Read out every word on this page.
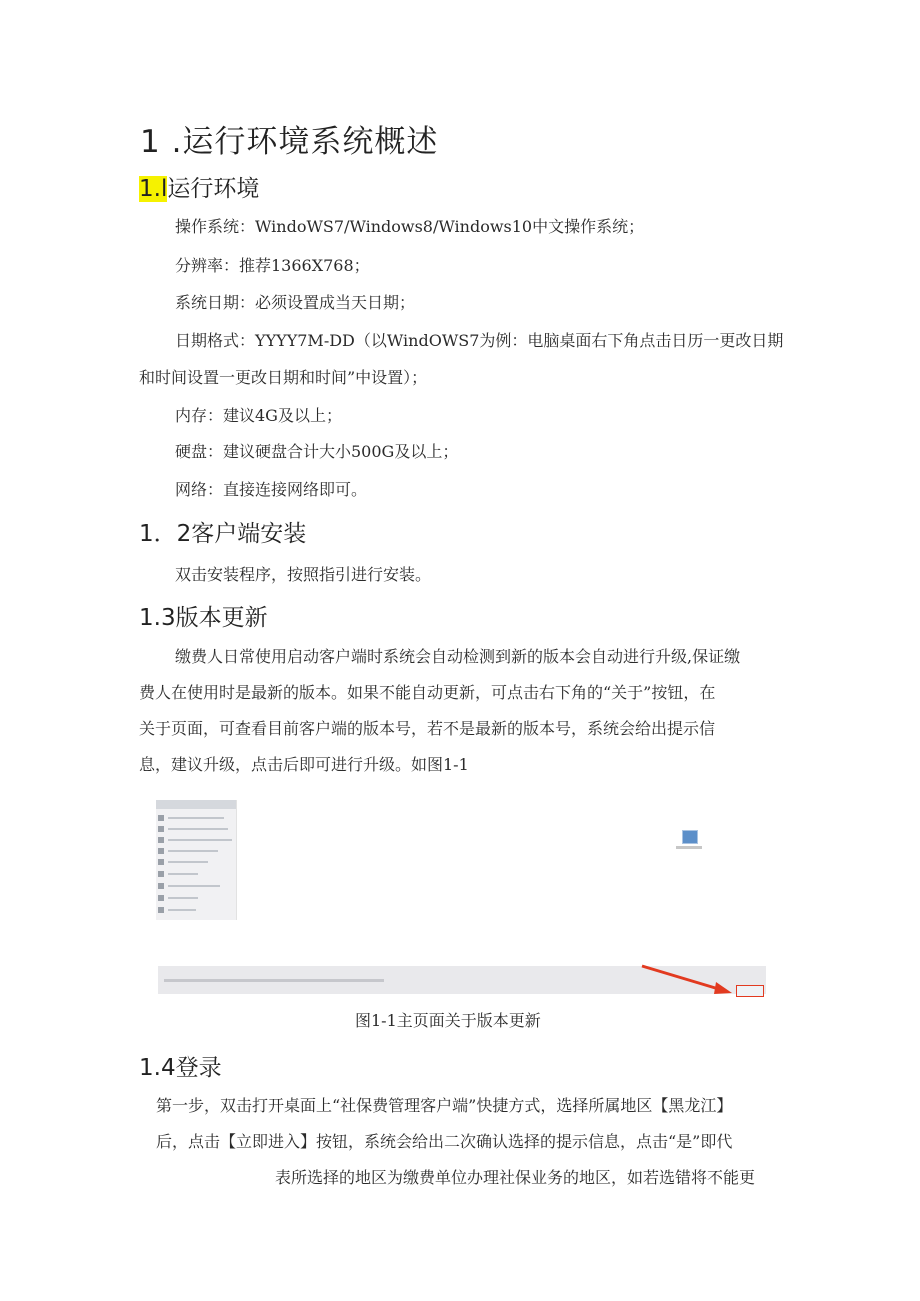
1 .运行环境系统概述
1.l运行环境
操作系统：WindoWS7/Windows8/Windows10中文操作系统；
分辨率：推荐1366X768；
系统日期：必须设置成当天日期；
日期格式：YYYY7M-DD（以WindOWS7为例：电脑桌面右下角点击日历一更改日期
和时间设置一更改日期和时间”中设置）；
内存：建议4G及以上；
硬盘：建议硬盘合计大小500G及以上；
网络：直接连接网络即可。
1．2客户端安装
双击安装程序，按照指引进行安装。
1.3版本更新
缴费人日常使用启动客户端时系统会自动检测到新的版本会自动进行升级,保证缴
费人在使用时是最新的版本。如果不能自动更新，可点击右下角的“关于”按钮，在
关于页面，可查看目前客户端的版本号，若不是最新的版本号，系统会给出提示信
息，建议升级，点击后即可进行升级。如图1-1
图1-1主页面关于版本更新
1.4登录
第一步，双击打开桌面上“社保费管理客户端”快捷方式，选择所属地区【黑龙江】
后，点击【立即进入】按钮，系统会给出二次确认选择的提示信息，点击“是”即代
表所选择的地区为缴费单位办理社保业务的地区，如若选错将不能更
